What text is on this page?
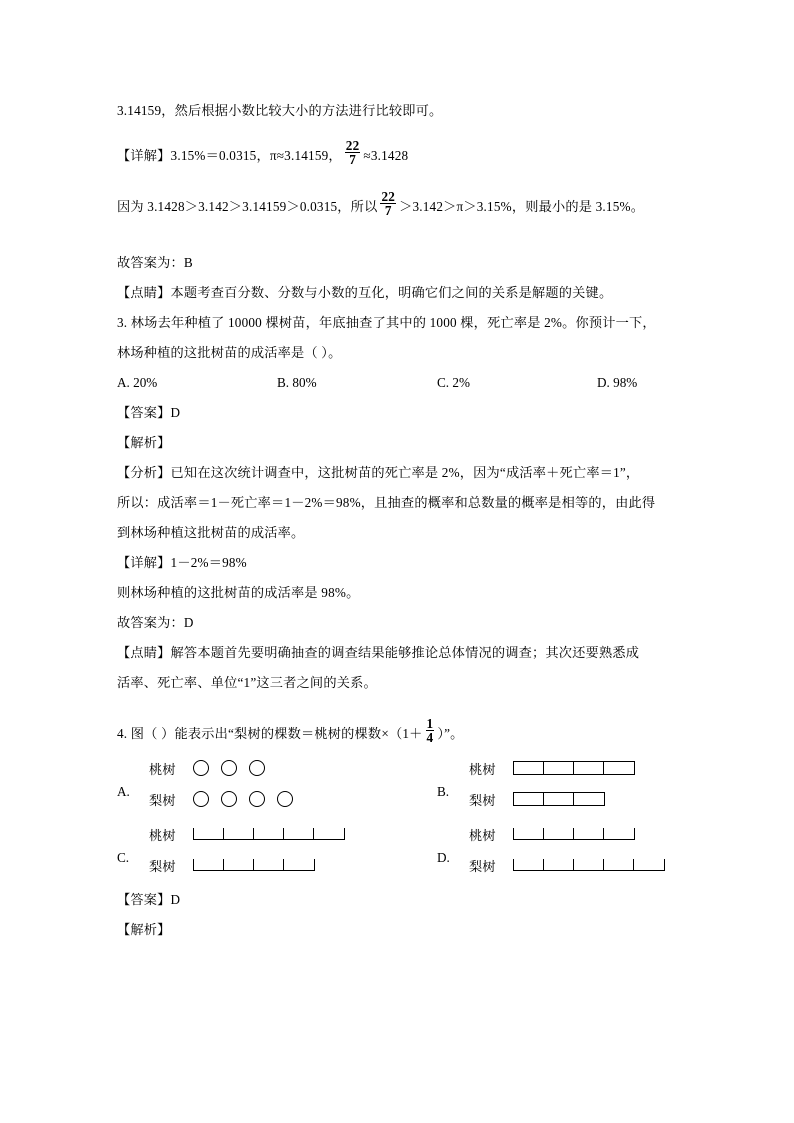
3.14159，然后根据小数比较大小的方法进行比较即可。
【详解】3.15%＝0.0315，π≈3.14159， $\frac{22}{7} \approx 3.1428$
因为 3.1428＞3.142＞3.14159＞0.0315，所以 $\frac{22}{7} >3.142>\pi>3.15\%$，则最小的是 3.15%。
故答案为：B
【点睛】本题考查百分数、分数与小数的互化，明确它们之间的关系是解题的关键。
3. 林场去年种植了 10000 棵树苗，年底抽查了其中的 1000 棵，死亡率是 2%。你预计一下，
林场种植的这批树苗的成活率是（ ）。
A. 20%	B. 80%	C. 2%	D. 98%
【答案】D
【解析】
【分析】已知在这次统计调查中，这批树苗的死亡率是 2%，因为“成活率＋死亡率＝1”，
所以：成活率＝1－死亡率＝1－2%＝98%，且抽查的概率和总数量的概率是相等的，由此得
到林场种植这批树苗的成活率。
【详解】1－2%＝98%
则林场种植的这批树苗的成活率是 98%。
故答案为：D
【点睛】解答本题首先要明确抽查的调查结果能够推论总体情况的调查；其次还要熟悉成
活率、死亡率、单位“1”这三者之间的关系。
4. 图（ ）能表示出“梨树的棵数＝桃树的棵数$\times(1+ \frac{1}{4}$ ）”。
A.
桃树
梨树
B.
桃树
梨树
C.
桃树
梨树
D.
桃树
梨树
【答案】D
【解析】
